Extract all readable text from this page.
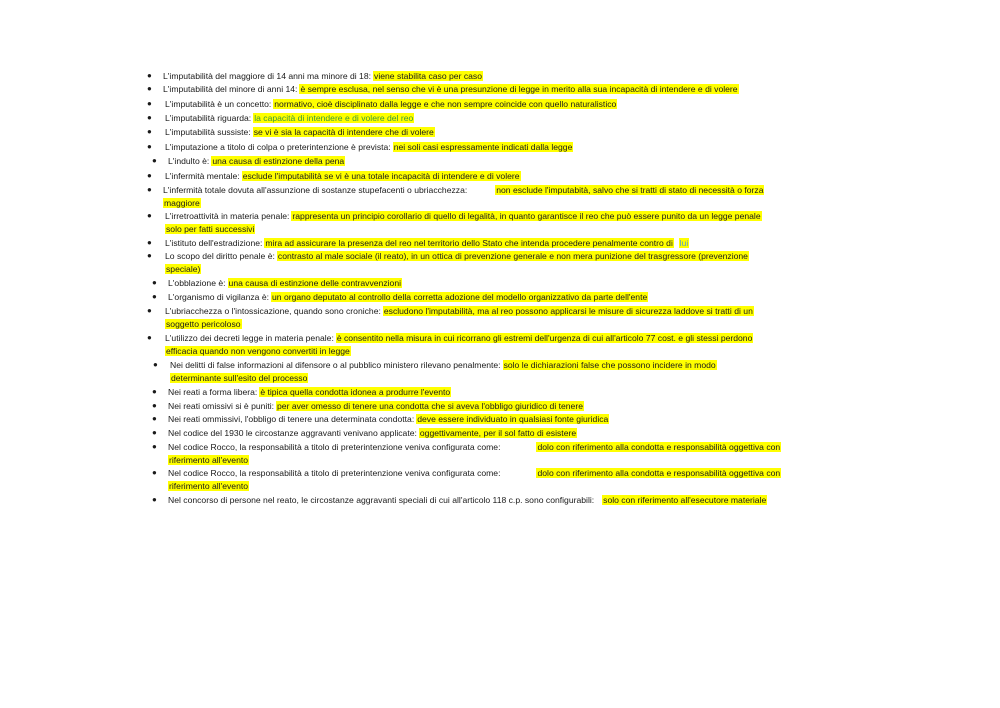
● L'imputabilità del maggiore di 14 anni ma minore di 18: viene stabilita caso per caso
● L'imputabilità del minore di anni 14: è sempre esclusa, nel senso che vi è una presunzione di legge in merito alla sua incapacità di intendere e di volere
● L'imputabilità è un concetto: normativo, cioè disciplinato dalla legge e che non sempre coincide con quello naturalistico
● L'imputabilità riguarda: la capacità di intendere e di volere del reo
● L'imputabilità sussiste: se vi è sia la capacità di intendere che di volere
● L'imputazione a titolo di colpa o preterintenzione è prevista: nei soli casi espressamente indicati dalla legge
● L'indulto è: una causa di estinzione della pena
● L'infermità mentale: esclude l'imputabilità se vi è una totale incapacità di intendere e di volere
● L'infermità totale dovuta all'assunzione di sostanze stupefacenti o ubriacchezza:	non esclude l'imputabità, salvo che si tratti di stato di necessità o forza
maggiore
● L'irretroattività in materia penale: rappresenta un principio corollario di quello di legalità, in quanto garantisce il reo che può essere punito da un legge penale
solo per fatti successivi
● L'istituto dell'estradizione: mira ad assicurare la presenza del reo nel territorio dello Stato che intenda procedere penalmente contro di lui
● Lo scopo del diritto penale è: contrasto al male sociale (il reato), in un ottica di prevenzione generale e non mera punizione del trasgressore (prevenzione
speciale)
● L'obblazione è: una causa di estinzione delle contravvenzioni
● L'organismo di vigilanza è: un organo deputato al controllo della corretta adozione del modello organizzativo da parte dell'ente
● L'ubriacchezza o l'intossicazione, quando sono croniche: escludono l'imputabilità, ma al reo possono applicarsi le misure di sicurezza laddove si tratti di un
soggetto pericoloso
● L'utilizzo dei decreti legge in materia penale: è consentito nella misura in cui ricorrano gli estremi dell'urgenza di cui all'articolo 77 cost. e gli stessi perdono
efficacia quando non vengono convertiti in legge
● Nei delitti di false informazioni al difensore o al pubblico ministero rilevano penalmente: solo le dichiarazioni false che possono incidere in modo
determinante sull'esito del processo
● Nei reati a forma libera: è tipica quella condotta idonea a produrre l'evento
● Nei reati omissivi si è puniti: per aver omesso di tenere una condotta che si aveva l'obbligo giuridico di tenere
● Nei reati ommissivi, l'obbligo di tenere una determinata condotta: deve essere individuato in qualsiasi fonte giuridica
● Nel codice del 1930 le circostanze aggravanti venivano applicate: oggettivamente, per il sol fatto di esistere
● Nel codice Rocco, la responsabilità a titolo di preterintenzione veniva configurata come:	dolo con riferimento alla condotta e responsabilità oggettiva con
riferimento all'evento
● Nel codice Rocco, la responsabilità a titolo di preterintenzione veniva configurata come:	dolo con riferimento alla condotta e responsabilità oggettiva con
riferimento all'evento
● Nel concorso di persone nel reato, le circostanze aggravanti speciali di cui all'articolo 118 c.p. sono configurabili: solo con riferimento all'esecutore materiale
